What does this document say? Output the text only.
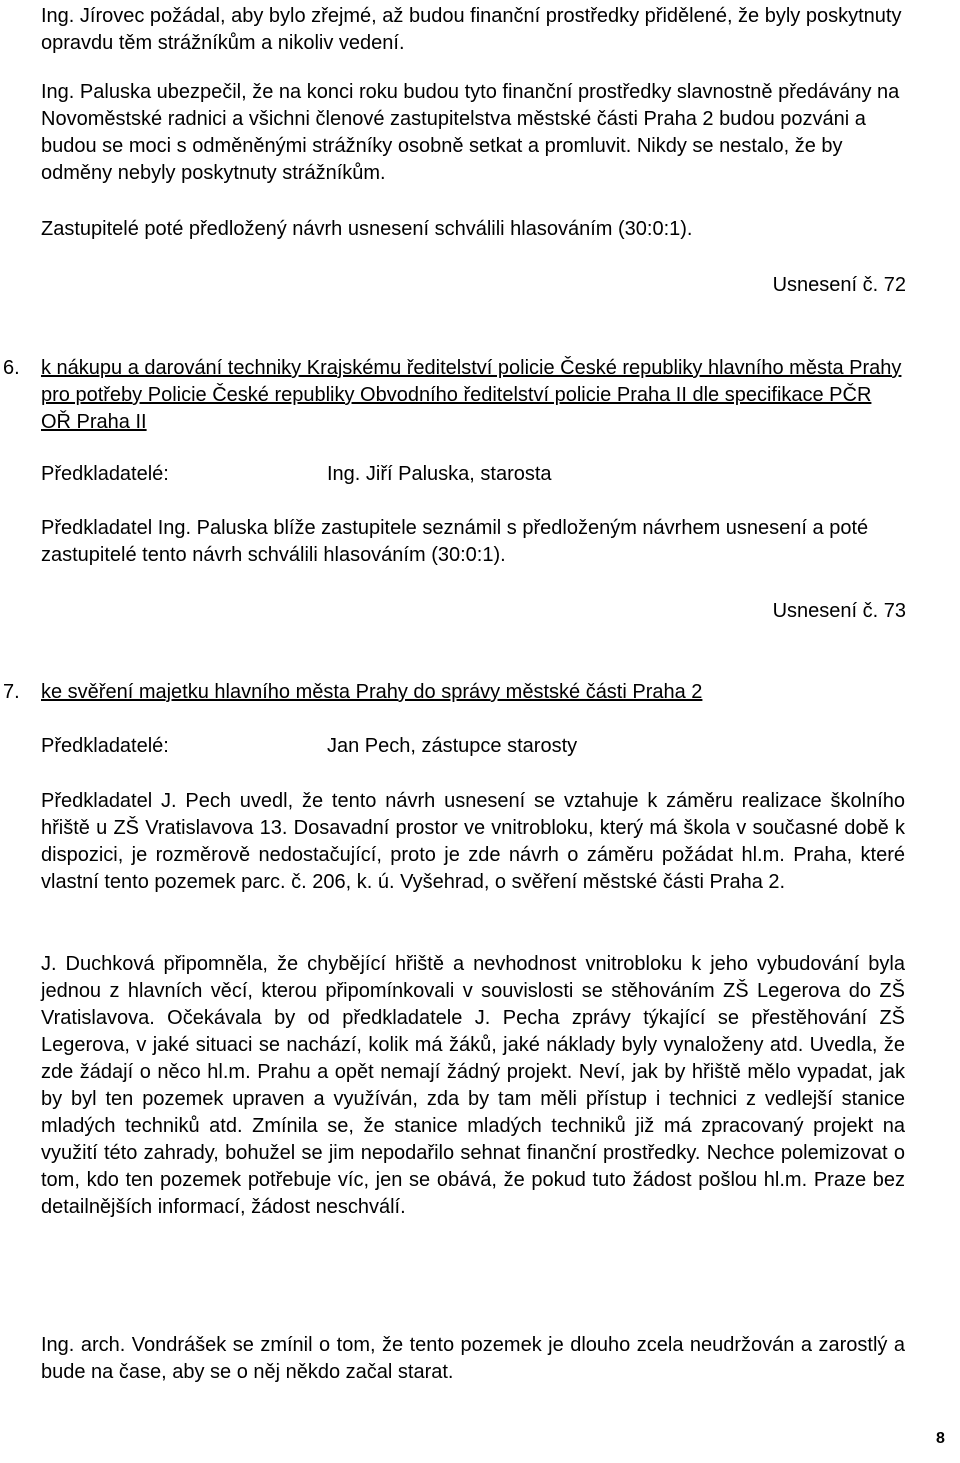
Ing. Jírovec požádal, aby bylo zřejmé, až budou finanční prostředky přidělené, že byly poskytnuty opravdu těm strážníkům a nikoliv vedení.

Ing. Paluska ubezpečil, že na konci roku budou tyto finanční prostředky slavnostně předávány na Novoměstské radnici a všichni členové zastupitelstva městské části Praha 2 budou pozváni a budou se moci s odměněnými strážníky osobně setkat a promluvit. Nikdy se nestalo, že by odměny nebyly poskytnuty strážníkům.

Zastupitelé poté předložený návrh usnesení schválili hlasováním (30:0:1).

Usnesení č. 72
6. k nákupu a darování techniky Krajskému ředitelství policie České republiky hlavního města Prahy pro potřeby Policie České republiky Obvodního ředitelství policie Praha II dle specifikace PČR OŘ Praha II

Předkladatelé:	Ing. Jiří Paluska, starosta

Předkladatel Ing. Paluska blíže zastupitele seznámil s předloženým návrhem usnesení a poté zastupitelé tento návrh schválili hlasováním (30:0:1).

Usnesení č. 73
7. ke svěření majetku hlavního města Prahy do správy městské části Praha 2

Předkladatelé:	Jan Pech, zástupce starosty

Předkladatel J. Pech uvedl, že tento návrh usnesení se vztahuje k záměru realizace školního hřiště u ZŠ Vratislavova 13. Dosavadní prostor ve vnitrobloku, který má škola v současné době k dispozici, je rozměrově nedostačující, proto je zde návrh o záměru požádat hl.m. Praha, které vlastní tento pozemek parc. č. 206, k. ú. Vyšehrad, o svěření městské části Praha 2.

J. Duchková připomněla, že chybějící hřiště a nevhodnost vnitrobloku k jeho vybudování byla jednou z hlavních věcí, kterou připomínkovali v souvislosti se stěhováním ZŠ Legerova do ZŠ Vratislavova. Očekávala by od předkladatele J. Pecha zprávy týkající se přestěhování ZŠ Legerova, v jaké situaci se nachází, kolik má žáků, jaké náklady byly vynaloženy atd. Uvedla, že zde žádají o něco hl.m. Prahu a opět nemají žádný projekt. Neví, jak by hřiště mělo vypadat, jak by byl ten pozemek upraven a využíván, zda by tam měli přístup i technici z vedlejší stanice mladých techniků atd. Zmínila se, že stanice mladých techniků již má zpracovaný projekt na využití této zahrady, bohužel se jim nepodařilo sehnat finanční prostředky. Nechce polemizovat o tom, kdo ten pozemek potřebuje víc, jen se obává, že pokud tuto žádost pošlou hl.m. Praze bez detailnějších informací, žádost neschválí.

Ing. arch. Vondrášek se zmínil o tom, že tento pozemek je dlouho zcela neudržován a zarostlý a bude na čase, aby se o něj někdo začal starat.

8
